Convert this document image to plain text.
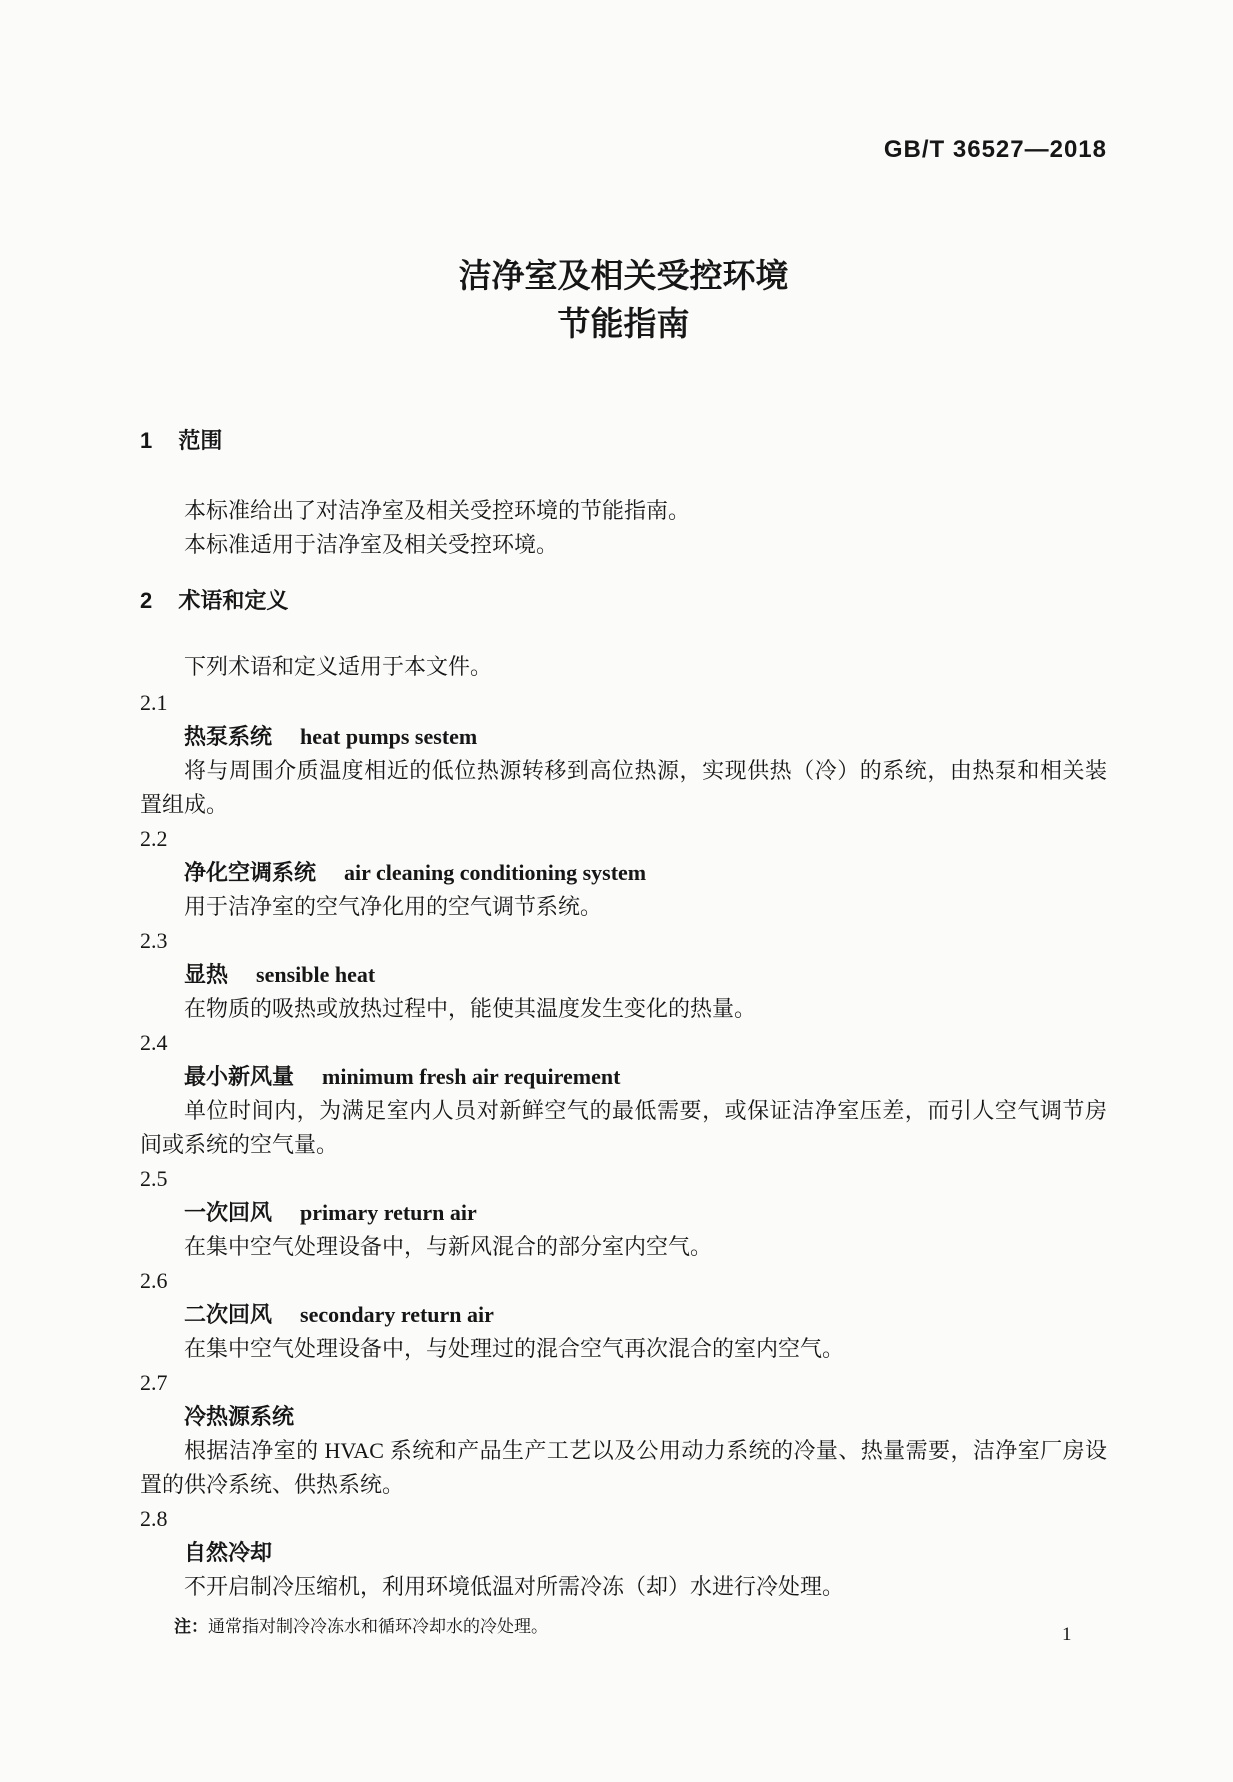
GB/T 36527—2018
洁净室及相关受控环境
节能指南
1 范围

本标准给出了对洁净室及相关受控环境的节能指南。

本标准适用于洁净室及相关受控环境。

2 术语和定义

下列术语和定义适用于本文件。

2.1
热泵系统 heat pumps sestem

将与周围介质温度相近的低位热源转移到高位热源，实现供热（冷）的系统，由热泵和相关装置组成。

2.2
净化空调系统 air cleaning conditioning system

用于洁净室的空气净化用的空气调节系统。

2.3
显热 sensible heat

在物质的吸热或放热过程中，能使其温度发生变化的热量。

2.4
最小新风量 minimum fresh air requirement

单位时间内，为满足室内人员对新鲜空气的最低需要，或保证洁净室压差，而引人空气调节房间或系统的空气量。

2.5
一次回风 primary return air

在集中空气处理设备中，与新风混合的部分室内空气。

2.6
二次回风 secondary return air

在集中空气处理设备中，与处理过的混合空气再次混合的室内空气。

2.7
冷热源系统

根据洁净室的 HVAC 系统和产品生产工艺以及公用动力系统的冷量、热量需要，洁净室厂房设置的供冷系统、供热系统。

2.8
自然冷却

不开启制冷压缩机，利用环境低温对所需冷冻（却）水进行冷处理。

注：通常指对制冷冷冻水和循环冷却水的冷处理。	1
